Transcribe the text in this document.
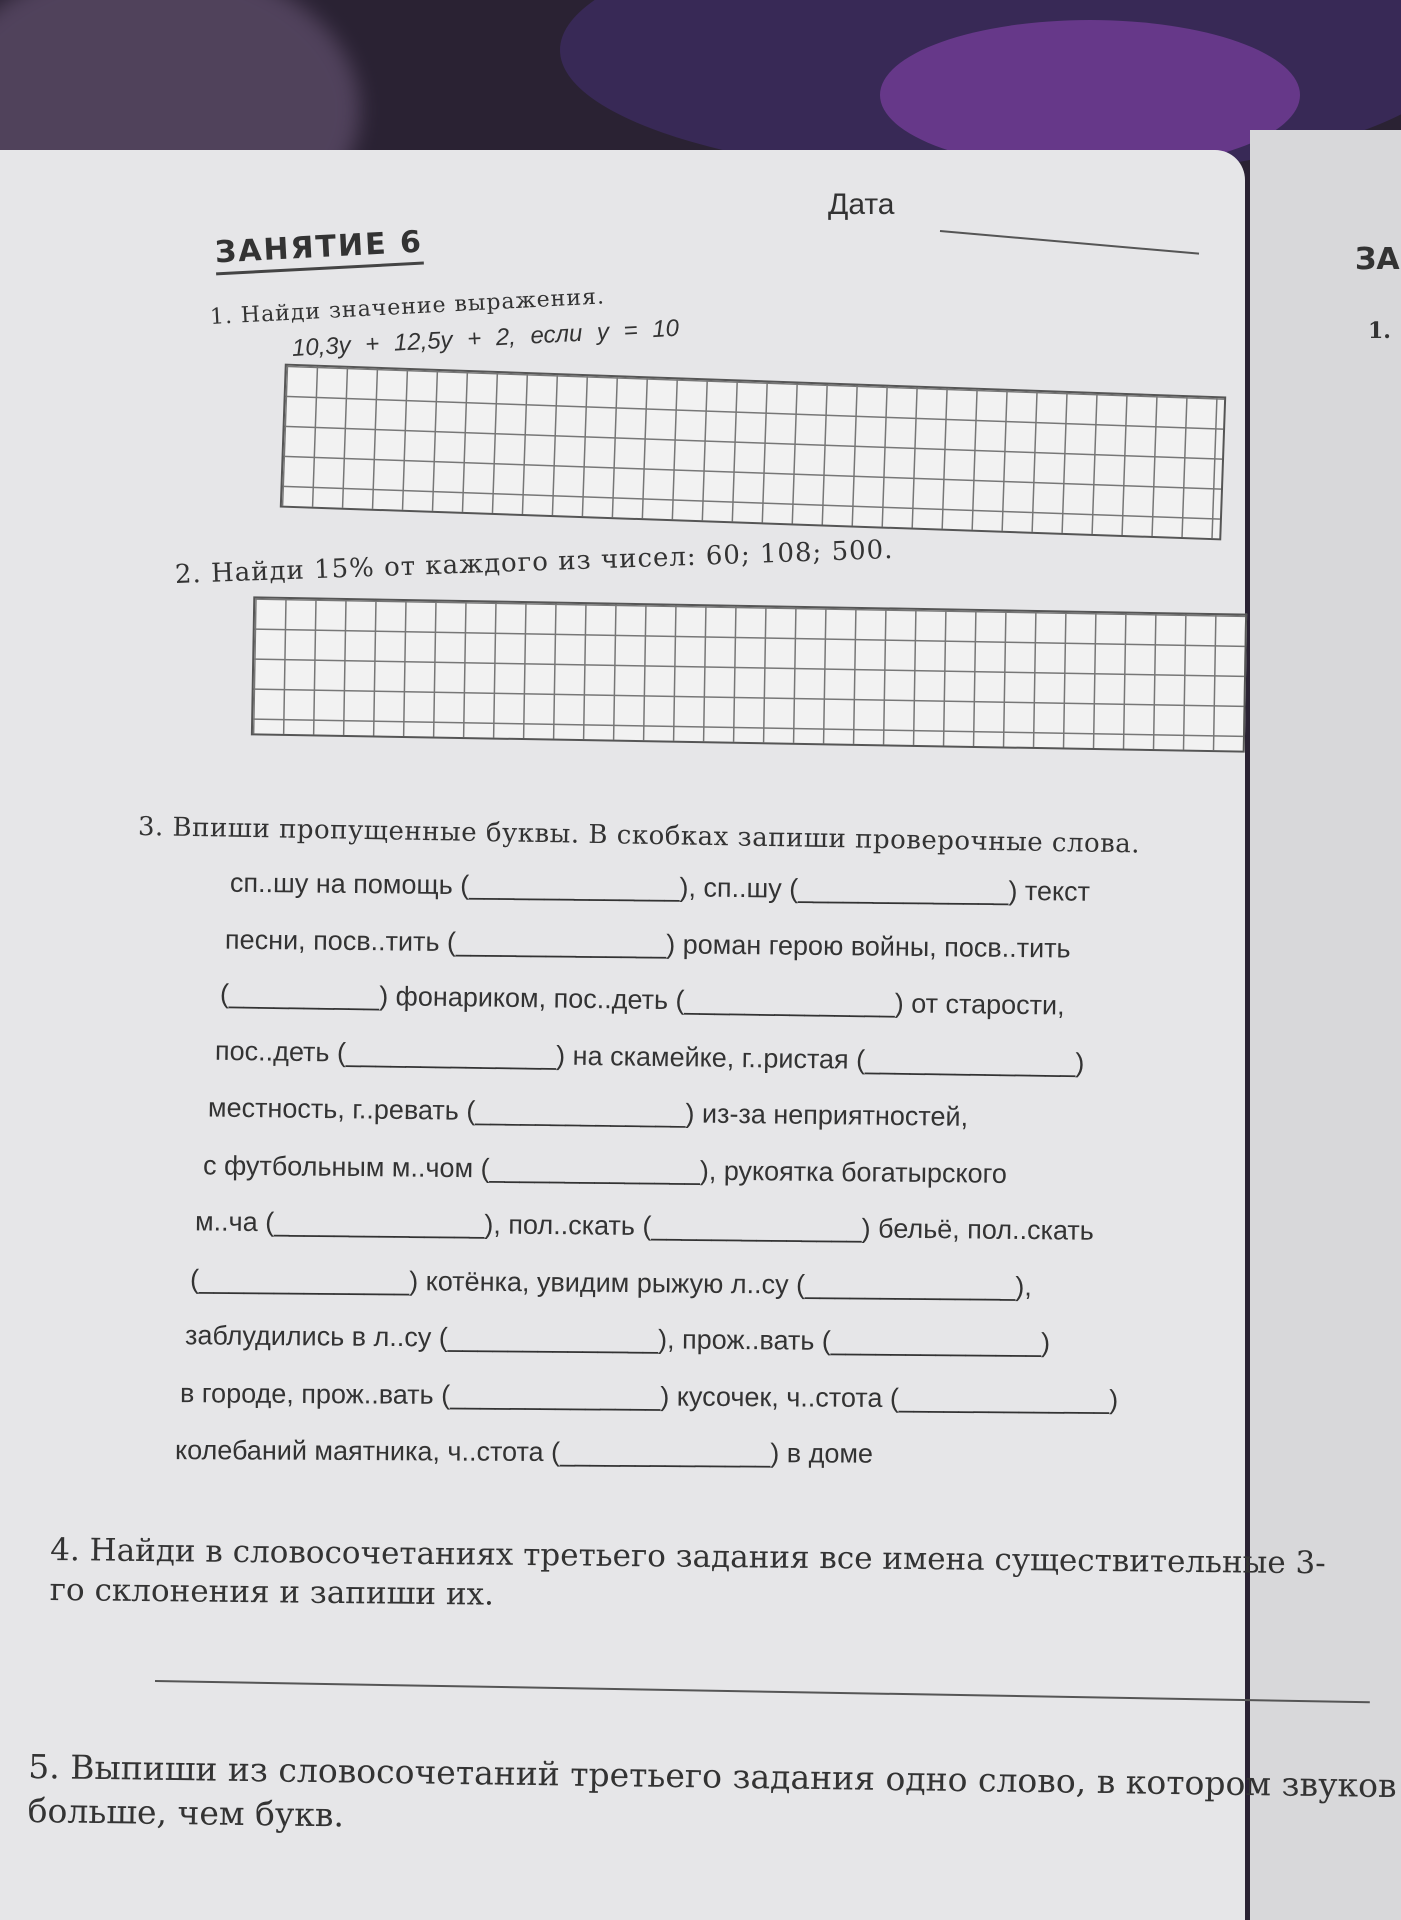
ЗА
1.
Дата
ЗАНЯТИЕ 6
1. Найди значение выражения.
10,3y + 12,5y + 2, если y = 10
2. Найди 15% от каждого из чисел: 60; 108; 500.
3. Впиши пропущенные буквы. В скобках запиши проверочные слова.
сп..шу на помощь (______________), сп..шу (______________) текст
песни, посв..тить (______________) роман герою войны, посв..тить
(__________) фонариком, пос..деть (______________) от старости,
пос..деть (______________) на скамейке, г..ристая (______________)
местность, г..ревать (______________) из-за неприятностей,
с футбольным м..чом (______________), рукоятка богатырского
м..ча (______________), пол..скать (______________) бельё, пол..скать
(______________) котёнка, увидим рыжую л..су (______________),
заблудились в л..су (______________), прож..вать (______________)
в городе, прож..вать (______________) кусочек, ч..стота (______________)
колебаний маятника, ч..стота (______________) в доме
4. Найди в словосочетаниях третьего задания все имена существительные 3-го склонения и запиши их.
5. Выпиши из словосочетаний третьего задания одно слово, в котором звуков больше, чем букв.
